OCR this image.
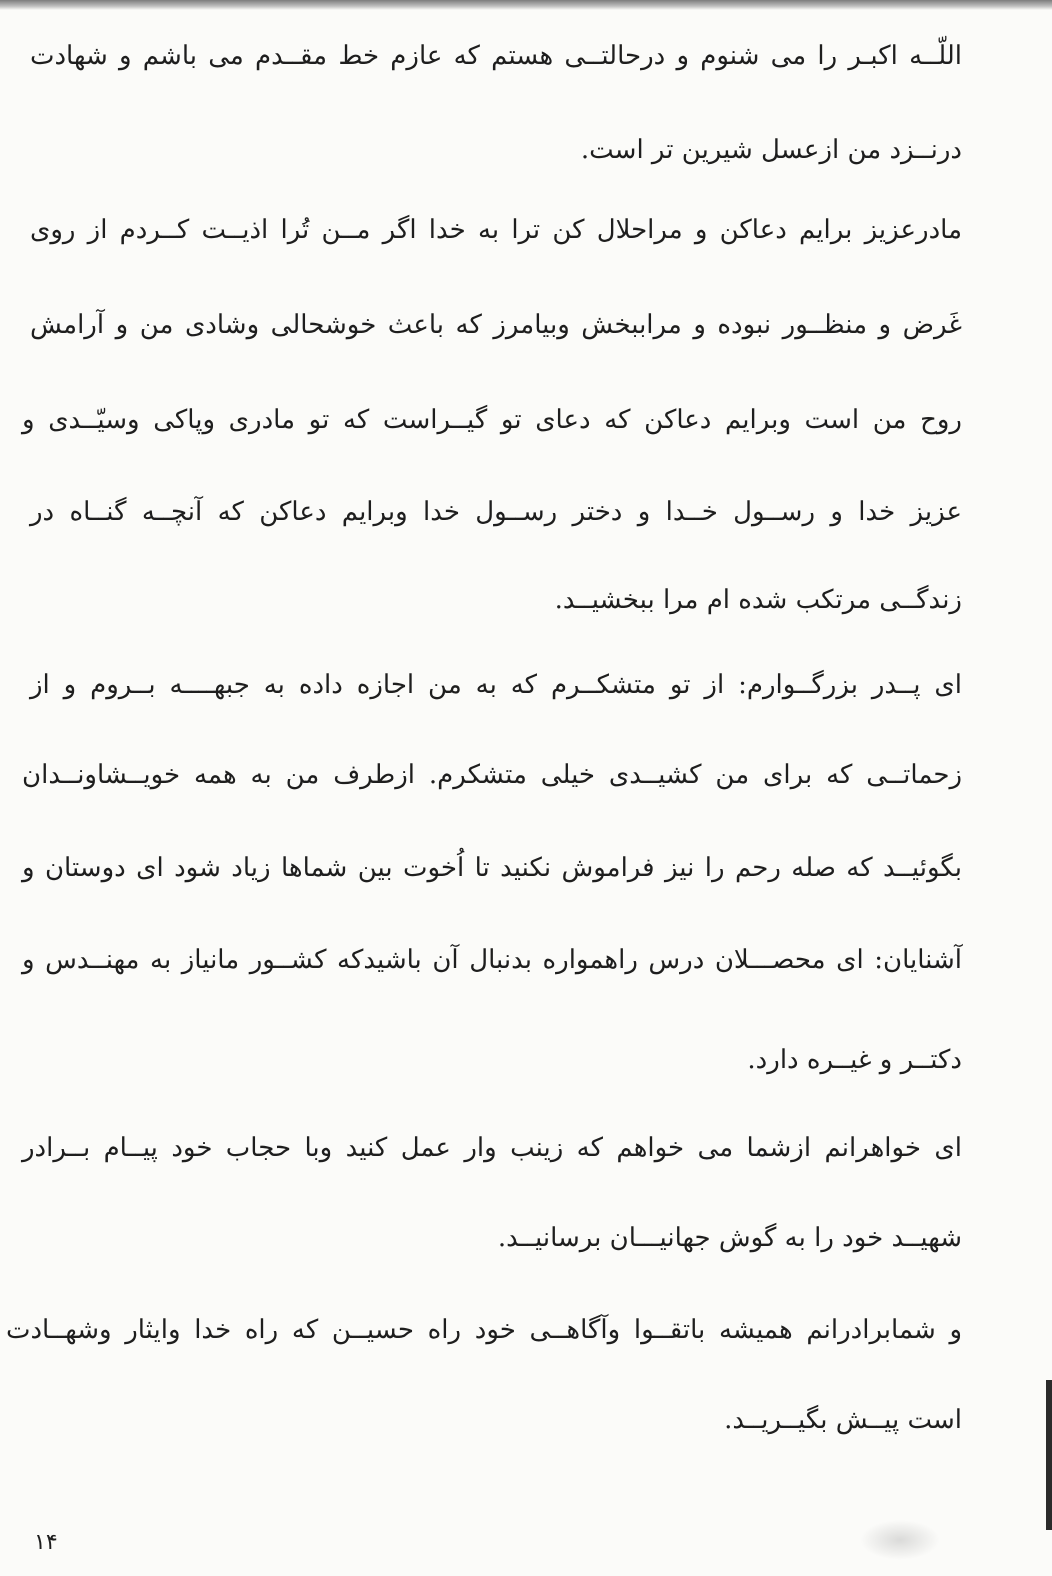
اللّــه اکبـر را می شنوم و درحالتــی هستم که عازم خط مقــدم می باشم و شهادت
درنــزد من ازعسل شیرین تر است.
مادرعزیز برایم دعاکن و مراحلال کن ترا به خدا اگر مــن تُرا اذیــت کــردم از روی
غَرض و منظــور نبوده و مراببخش وبیامرز که باعث خوشحالی وشادی من و آرامش
روح من است وبرایم دعاکن که دعای تو گیــراست که تو مادری وپاکی وسیّــدی و
عزیز خدا و رســول خــدا و دختر رســول خدا وبرایم دعاکن که آنچــه گنــاه در
زندگــی مرتکب شده ام مرا ببخشیــد.
ای پــدر بزرگــوارم: از تو متشکــرم که به من اجازه داده به جبهــــه بــروم و از
زحماتــی که برای من کشیــدی خیلی متشکرم. ازطرف من به همه خویــشاونــدان
بگوئیــد که صله رحم را نیز فراموش نکنید تا اُخوت بین شماها زیاد شود ای دوستان و
آشنایان: ای محصـــلان درس راهمواره بدنبال آن باشیدکه کشــور مانیاز به مهنــدس و
دکتــر و غیــره دارد.
ای خواهرانم ازشما می خواهم که زینب وار عمل کنید وبا حجاب خود پیــام بــرادر
شهیــد خود را به گوش جهانیـــان برسانیــد.
و شمابرادرانم همیشه باتقــوا وآگاهــی خود راه حسیــن که راه خدا وایثار وشهــادت
است پیــش بگیــریــد.
۱۴
